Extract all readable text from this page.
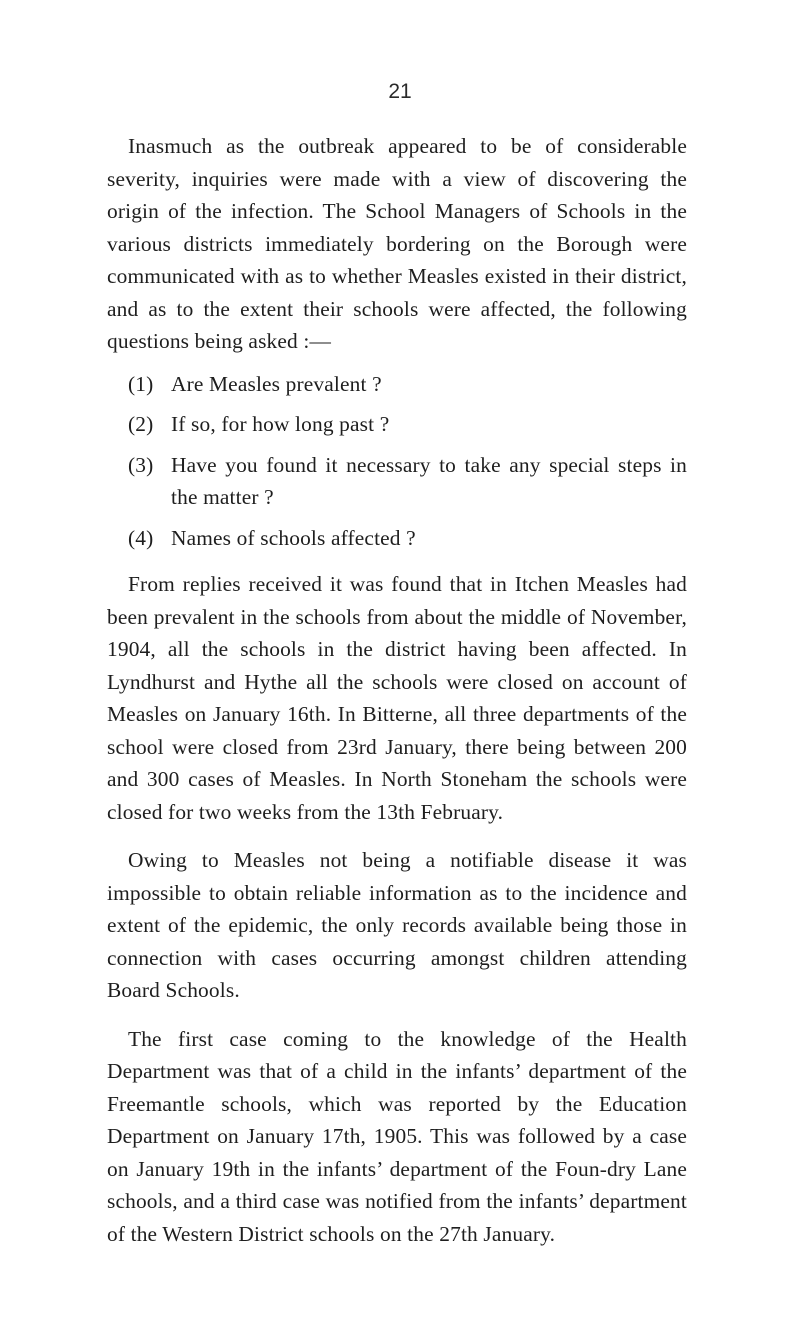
21

Inasmuch as the outbreak appeared to be of considerable severity, inquiries were made with a view of discovering the origin of the infection. The School Managers of Schools in the various districts immediately bordering on the Borough were communicated with as to whether Measles existed in their district, and as to the extent their schools were affected, the following questions being asked :—

(1) Are Measles prevalent ?
(2) If so, for how long past ?
(3) Have you found it necessary to take any special steps in the matter ?
(4) Names of schools affected ?

From replies received it was found that in Itchen Measles had been prevalent in the schools from about the middle of November, 1904, all the schools in the district having been affected. In Lyndhurst and Hythe all the schools were closed on account of Measles on January 16th. In Bitterne, all three departments of the school were closed from 23rd January, there being between 200 and 300 cases of Measles. In North Stoneham the schools were closed for two weeks from the 13th February.

Owing to Measles not being a notifiable disease it was impossible to obtain reliable information as to the incidence and extent of the epidemic, the only records available being those in connection with cases occurring amongst children attending Board Schools.

The first case coming to the knowledge of the Health Department was that of a child in the infants’ department of the Freemantle schools, which was reported by the Education Department on January 17th, 1905. This was followed by a case on January 19th in the infants’ department of the Foun-dry Lane schools, and a third case was notified from the infants’ department of the Western District schools on the 27th January.
